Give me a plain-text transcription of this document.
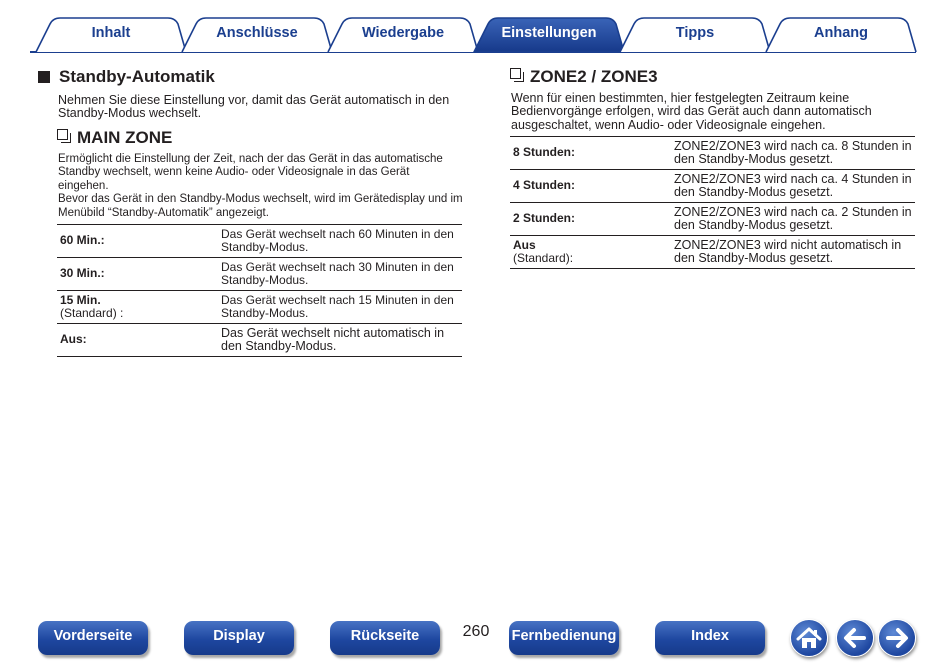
Inhalt	Anschlüsse	Wiedergabe	Einstellungen	Tipps	Anhang
Standby-Automatik
Nehmen Sie diese Einstellung vor, damit das Gerät automatisch in den Standby-Modus wechselt.
MAIN ZONE
Ermöglicht die Einstellung der Zeit, nach der das Gerät in das automatische Standby wechselt, wenn keine Audio- oder Videosignale in das Gerät eingehen.
Bevor das Gerät in den Standby-Modus wechselt, wird im Gerätedisplay und im Menübild “Standby-Automatik” angezeigt.
60 Min.:	Das Gerät wechselt nach 60 Minuten in den Standby-Modus.
30 Min.:	Das Gerät wechselt nach 30 Minuten in den Standby-Modus.
15 Min.
(Standard) :	Das Gerät wechselt nach 15 Minuten in den Standby-Modus.
Aus:	Das Gerät wechselt nicht automatisch in den Standby-Modus.
ZONE2 / ZONE3
Wenn für einen bestimmten, hier festgelegten Zeitraum keine Bedienvorgänge erfolgen, wird das Gerät auch dann automatisch ausgeschaltet, wenn Audio- oder Videosignale eingehen.
8 Stunden:	ZONE2/ZONE3 wird nach ca. 8 Stunden in den Standby-Modus gesetzt.
4 Stunden:	ZONE2/ZONE3 wird nach ca. 4 Stunden in den Standby-Modus gesetzt.
2 Stunden:	ZONE2/ZONE3 wird nach ca. 2 Stunden in den Standby-Modus gesetzt.
Aus
(Standard):	ZONE2/ZONE3 wird nicht automatisch in den Standby-Modus gesetzt.
Vorderseite	Display	Rückseite	260	Fernbedienung	Index
